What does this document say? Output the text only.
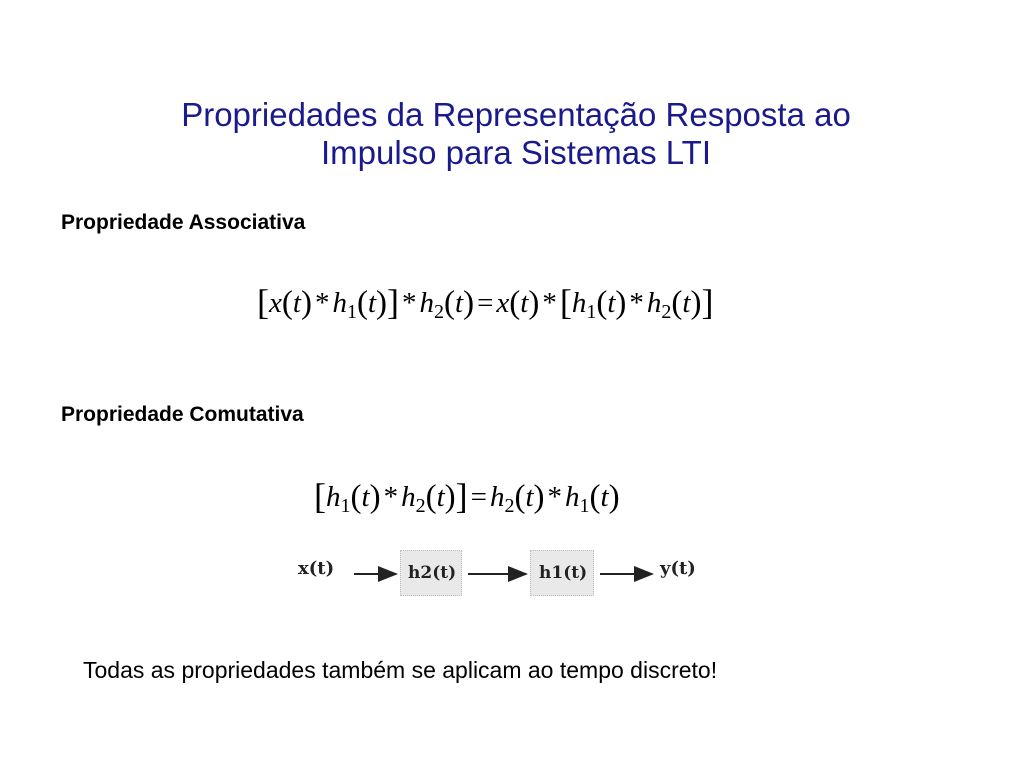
Propriedades da Representação Resposta ao
Impulso para Sistemas LTI
Propriedade Associativa
$[x(t) * h_1(t)] * h_2(t) = x(t)$ $*[h_1(t) * h_2(t)]$
Propriedade Comutativa
$[h_1(t) * h_2(t)] = h_2(t) * h_1(t)$
x(t)	h2(t)	h1(t)	y(t)
Todas as propriedades também se aplicam ao tempo discreto!
